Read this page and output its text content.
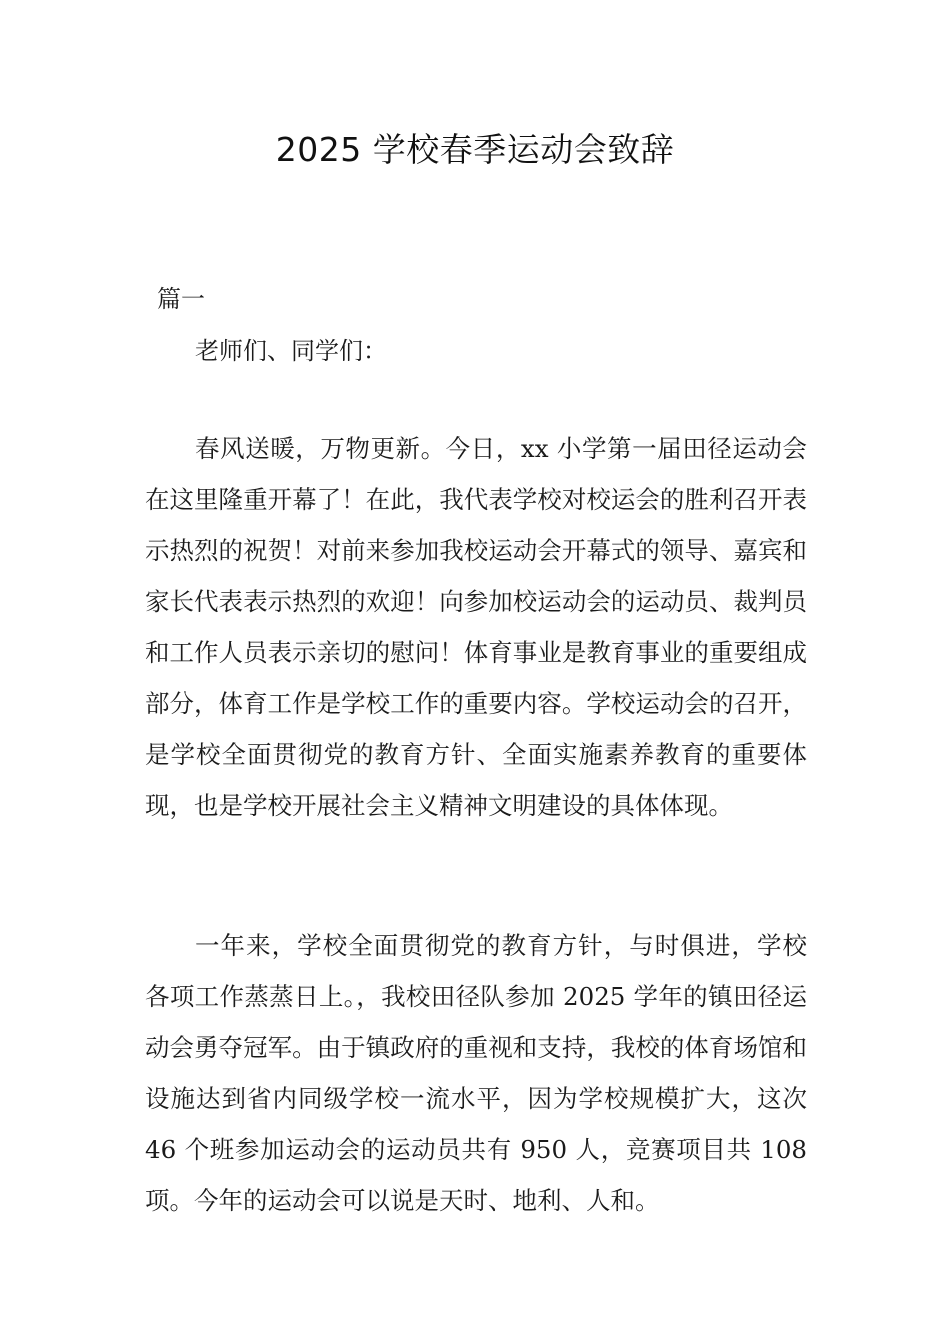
2025 学校春季运动会致辞
篇一
老师们、同学们：

春风送暖，万物更新。今日，xx 小学第一届田径运动会在这里隆重开幕了！在此，我代表学校对校运会的胜利召开表示热烈的祝贺！对前来参加我校运动会开幕式的领导、嘉宾和家长代表表示热烈的欢迎！向参加校运动会的运动员、裁判员和工作人员表示亲切的慰问！体育事业是教育事业的重要组成部分，体育工作是学校工作的重要内容。学校运动会的召开，是学校全面贯彻党的教育方针、全面实施素养教育的重要体现，也是学校开展社会主义精神文明建设的具体体现。

一年来，学校全面贯彻党的教育方针，与时俱进，学校各项工作蒸蒸日上。，我校田径队参加 2025 学年的镇田径运动会勇夺冠军。由于镇政府的重视和支持，我校的体育场馆和设施达到省内同级学校一流水平，因为学校规模扩大，这次 46 个班参加运动会的运动员共有 950 人，竞赛项目共 108 项。今年的运动会可以说是天时、地利、人和。
